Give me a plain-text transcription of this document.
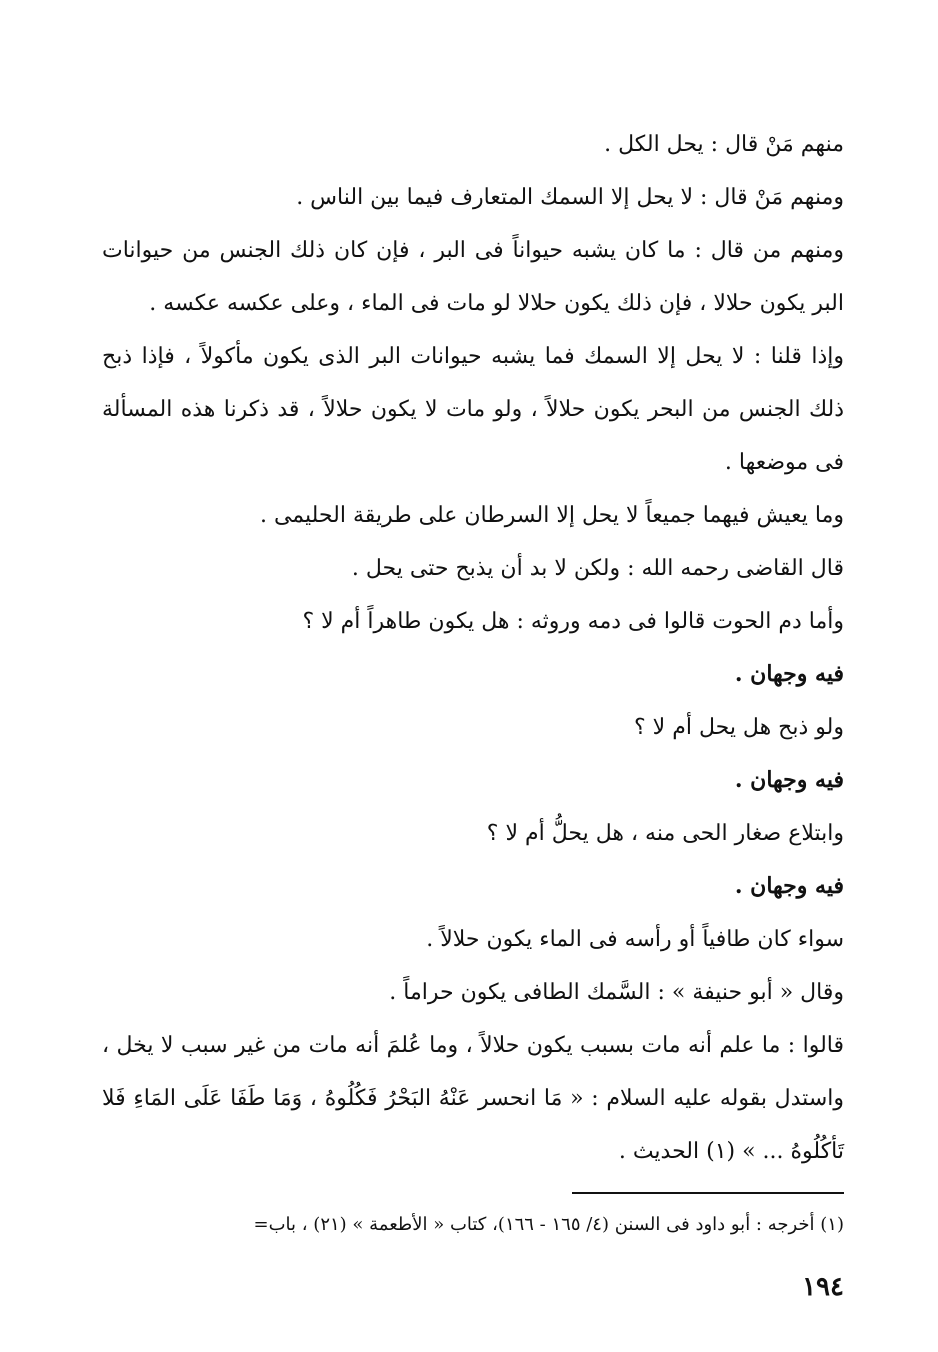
منهم مَنْ قال : يحل الكل .

ومنهم مَنْ قال : لا يحل إلا السمك المتعارف فيما بين الناس .

ومنهم من قال : ما كان يشبه حيواناً فى البر ، فإن كان ذلك الجنس من حيوانات البر يكون حلالا ، فإن ذلك يكون حلالا لو مات فى الماء ، وعلى عكسه عكسه .

وإذا قلنا : لا يحل إلا السمك فما يشبه حيوانات البر الذى يكون مأكولاً ، فإذا ذبح ذلك الجنس من البحر يكون حلالاً ، ولو مات لا يكون حلالاً ، قد ذكرنا هذه المسألة فى موضعها .

وما يعيش فيهما جميعاً لا يحل إلا السرطان على طريقة الحليمى .

قال القاضى رحمه الله : ولكن لا بد أن يذبح حتى يحل .

وأما دم الحوت قالوا فى دمه وروثه : هل يكون طاهراً أم لا ؟

فيه وجهان .

ولو ذبح هل يحل أم لا ؟

فيه وجهان .

وابتلاع صغار الحى منه ، هل يحلُّ أم لا ؟

فيه وجهان .

سواء كان طافياً أو رأسه فى الماء يكون حلالاً .

وقال « أبو حنيفة » : السَّمك الطافى يكون حراماً .

قالوا : ما علم أنه مات بسبب يكون حلالاً ، وما عُلمَ أنه مات من غير سبب لا يخل ، واستدل بقوله عليه السلام : « مَا انحسر عَنْهُ البَحْرُ فَكُلُوهُ ، وَمَا طَفَا عَلَى المَاءِ فَلا تَأكُلُوهُ ... » (١) الحديث .

(١) أخرجه : أبو داود فى السنن (٤/ ١٦٥ - ١٦٦)، كتاب « الأطعمة » (٢١) ، باب=
١٩٤
